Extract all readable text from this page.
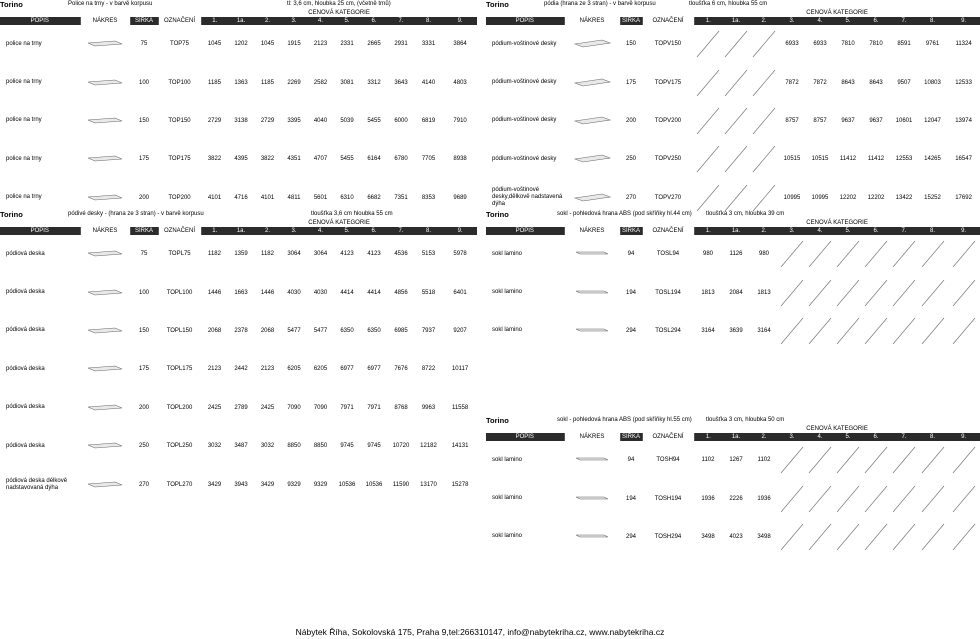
Torino	Police na trny - v barvě korpusu	tl: 3,6 cm, hloubka 25 cm, (včetně trnů)
				CENOVÁ KATEGORIE									
POPIS	NÁKRES	ŠÍŘKA	OZNAČENÍ	1.	1a.	2.	3.	4.	5.	6.	7.	8.	9.
police na trny		75	TOP75	1045	1202	1045	1915	2123	2331	2665	2931	3331	3864
police na trny		100	TOP100	1185	1363	1185	2269	2582	3081	3312	3643	4140	4803
police na trny		150	TOP150	2729	3138	2729	3395	4040	5039	5455	6000	6819	7910
police na trny		175	TOP175	3822	4395	3822	4351	4707	5455	6164	6780	7705	8938
police na trny		200	TOP200	4101	4716	4101	4811	5601	6310	6682	7351	8353	9689
Torino	pódia (hrana ze 3 stran) - v barvě korpusu	tloušťka 6 cm, hloubka 55 cm
				CENOVÁ KATEGORIE									
POPIS	NÁKRES	ŠÍŘKA	OZNAČENÍ	1.	1a.	2.	3.	4.	5.	6.	7.	8.	9.
pódium-voštinové desky		150	TOPV150				6933	6933	7810	7810	8591	9761	11324
pódium-voštinové desky		175	TOPV175				7872	7872	8643	8643	9507	10803	12533
pódium-voštinové desky		200	TOPV200				8757	8757	9637	9637	10601	12047	13974
pódium-voštinové desky		250	TOPV250				10515	10515	11412	11412	12553	14265	16547
pódium-voštinové desky,dělkově nadstavená dýha		270	TOPV270				10995	10995	12202	12202	13422	15252	17692
Torino	pódivé desky - (hrana ze 3 stran) - v barvě korpusu	tloušťka 3,6 cm hloubka 55 cm
				CENOVÁ KATEGORIE									
POPIS	NÁKRES	ŠÍŘKA	OZNAČENÍ	1.	1a.	2.	3.	4.	5.	6.	7.	8.	9.
pódiová deska		75	TOPL75	1182	1359	1182	3064	3064	4123	4123	4536	5153	5978
pódiová deska		100	TOPL100	1446	1663	1446	4030	4030	4414	4414	4856	5518	6401
pódiová deska		150	TOPL150	2068	2378	2068	5477	5477	6350	6350	6985	7937	9207
pódiová deska		175	TOPL175	2123	2442	2123	6205	6205	6977	6977	7676	8722	10117
pódiová deska		200	TOPL200	2425	2789	2425	7090	7090	7971	7971	8768	9963	11558
pódiová deska		250	TOPL250	3032	3487	3032	8850	8850	9745	9745	10720	12182	14131
pódiová deska délkově nadstavovaná dýha		270	TOPL270	3429	3943	3429	9329	9329	10536	10536	11590	13170	15278
Torino	sokl - pohledová hrana ABS (pod skříňky hl.44 cm) tloušťka 3 cm, hloubka 39 cm
				CENOVÁ KATEGORIE									
POPIS	NÁKRES	ŠÍŘKA	OZNAČENÍ	1.	1a.	2.	3.	4.	5.	6.	7.	8.	9.
sokl lamino		94	TOSL94	980	1126	980	

sokl lamino		194	TOSL194	1813	2084	1813	

sokl lamino		294	TOSL294	3164	3639	3164	

Torino	sokl - pohledová hrana ABS (pod skříňky hl.55 cm) tloušťka 3 cm, hloubka 50 cm
				CENOVÁ KATEGORIE									
POPIS	NÁKRES	ŠÍŘKA	OZNAČENÍ	1.	1a.	2.	3.	4.	5.	6.	7.	8.	9.
sokl lamino		94	TOSH94	1102	1267	1102	

sokl lamino		194	TOSH194	1936	2226	1936	

sokl lamino		294	TOSH294	3498	4023	3498	

Nábytek Říha, Sokolovská 175, Praha 9,tel:266310147, info@nabytekriha.cz, www.nabytekriha.cz
